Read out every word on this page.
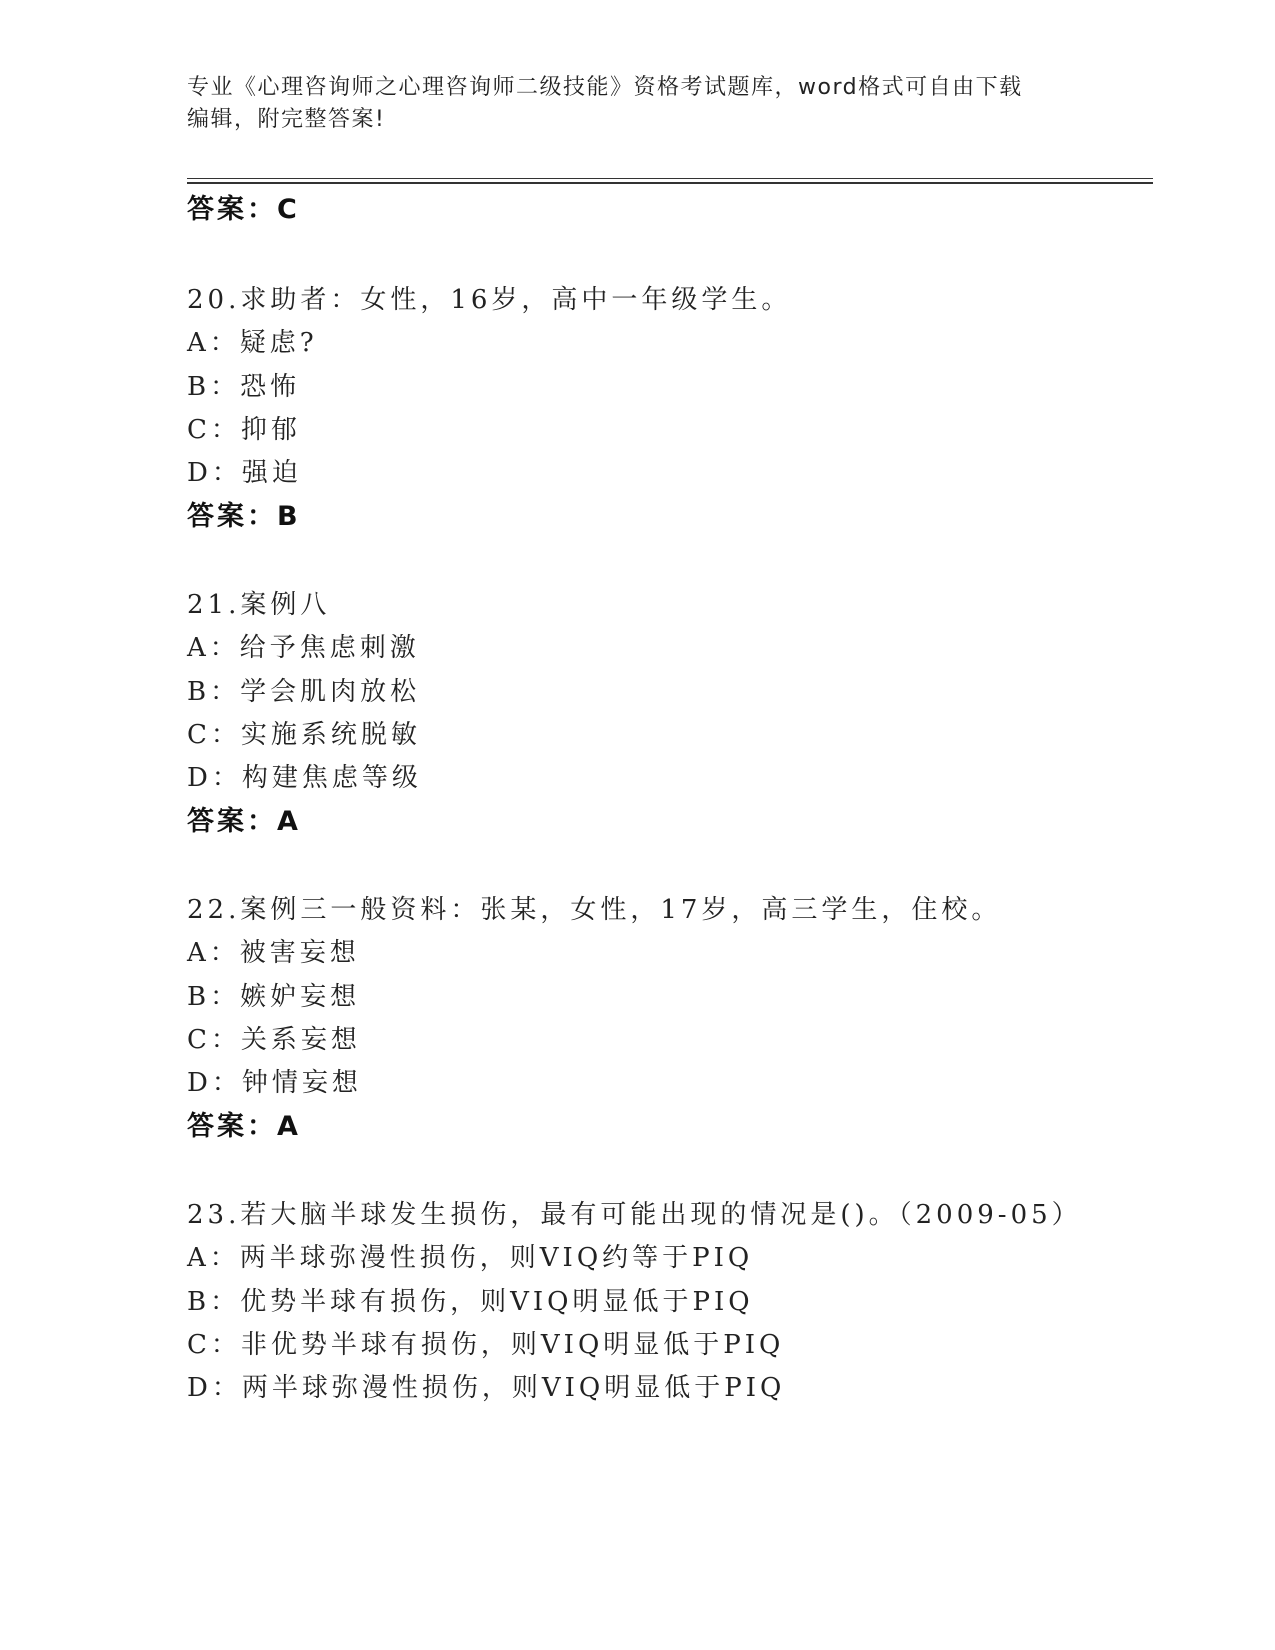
专业《心理咨询师之心理咨询师二级技能》资格考试题库，word格式可自由下载

编辑，附完整答案!

答案：C
20.求助者：女性，16岁，高中一年级学生。
A：疑虑?
B：恐怖
C：抑郁
D：强迫
答案：B
21.案例八
A：给予焦虑刺激
B：学会肌肉放松
C：实施系统脱敏
D：构建焦虑等级
答案：A
22.案例三一般资料：张某，女性，17岁，高三学生，住校。
A：被害妄想
B：嫉妒妄想
C：关系妄想
D：钟情妄想
答案：A
23.若大脑半球发生损伤，最有可能出现的情况是()。（2009-05）
A：两半球弥漫性损伤，则VIQ约等于PIQ
B：优势半球有损伤，则VIQ明显低于PIQ
C：非优势半球有损伤，则VIQ明显低于PIQ
D：两半球弥漫性损伤，则VIQ明显低于PIQ
